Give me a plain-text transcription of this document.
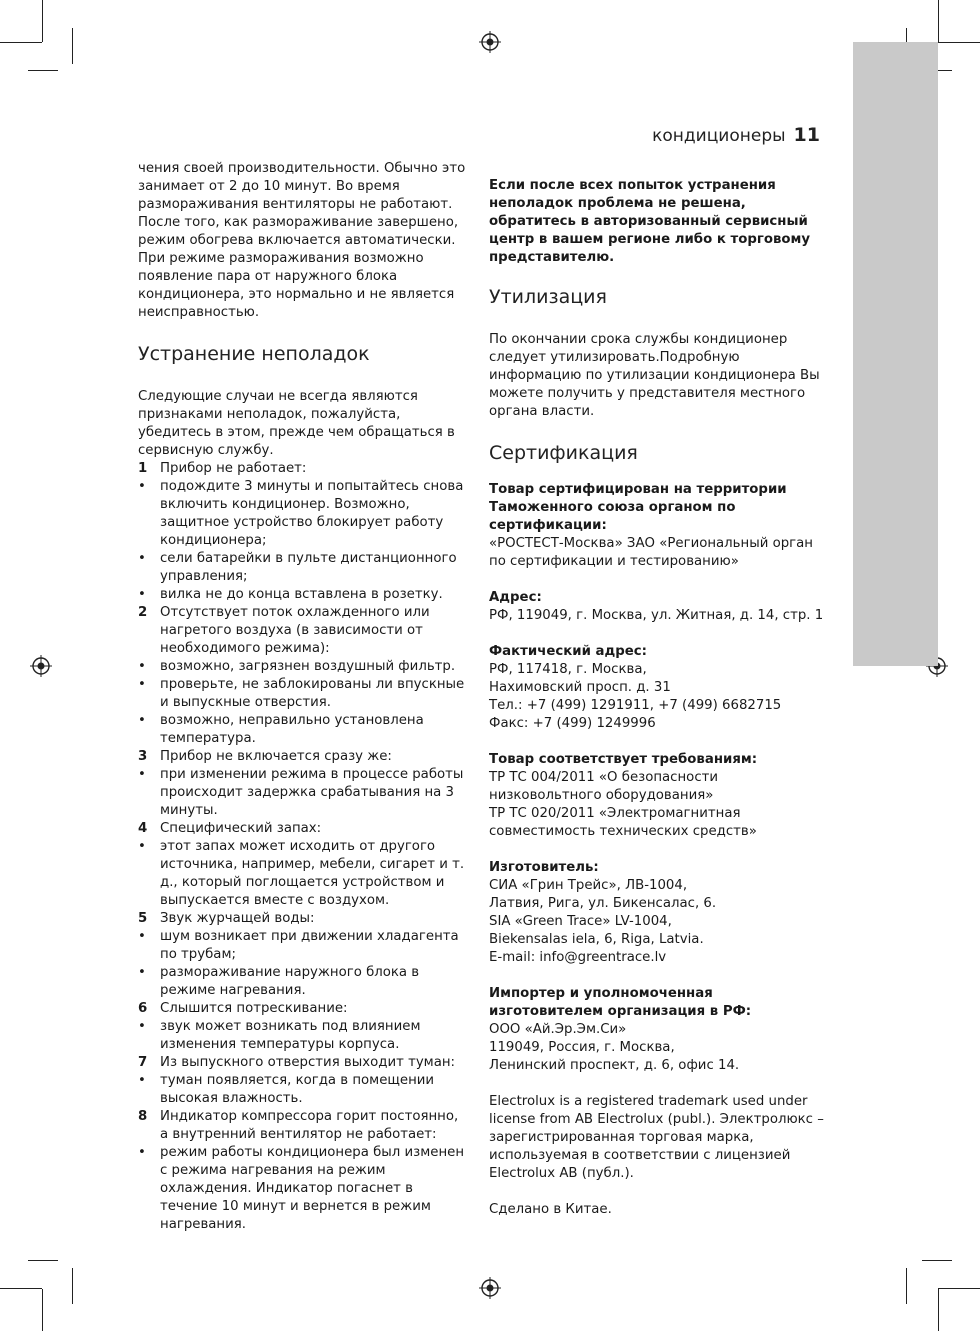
кондиционеры 11

чения своей производительности. Обычно это занимает от 2 до 10 минут. Во время размораживания вентиляторы не работают. После того, как размораживание завершено, режим обогрева включается автоматически. При режиме размораживания возможно появление пара от наружного блока кондиционера, это нормально и не является неисправностью.

Устранение неполадок

Следующие случаи не всегда являются признаками неполадок, пожалуйста, убедитесь в этом, прежде чем обращаться в сервисную службу.

1 Прибор не работает:
• подождите 3 минуты и попытайтесь снова включить кондиционер. Возможно, защитное устройство блокирует работу кондиционера;
• сели батарейки в пульте дистанционного управления;
• вилка не до конца вставлена в розетку.
2 Отсутствует поток охлажденного или нагретого воздуха (в зависимости от необходимого режима):
• возможно, загрязнен воздушный фильтр.
• проверьте, не заблокированы ли впускные и выпускные отверстия.
• возможно, неправильно установлена температура.
3 Прибор не включается сразу же:
• при изменении режима в процессе работы происходит задержка срабатывания на 3 минуты.
4 Специфический запах:
• этот запах может исходить от другого источника, например, мебели, сигарет и т. д., который поглощается устройством и выпускается вместе с воздухом.
5 Звук журчащей воды:
• шум возникает при движении хладагента по трубам;
• размораживание наружного блока в режиме нагревания.
6 Слышится потрескивание:
• звук может возникать под влиянием изменения температуры корпуса.
7 Из выпускного отверстия выходит туман:
• туман появляется, когда в помещении высокая влажность.
8 Индикатор компрессора горит постоянно, а внутренний вентилятор не работает:
• режим работы кондиционера был изменен с режима нагревания на режим охлаждения. Индикатор погаснет в течение 10 минут и вернется в режим нагревания.

Если после всех попыток устранения неполадок проблема не решена, обратитесь в авторизованный сервисный центр в вашем регионе либо к торговому представителю.

Утилизация

По окончании срока службы кондиционер следует утилизировать.Подробную информацию по утилизации кондиционера Вы можете получить у представителя местного органа власти.

Сертификация

Товар сертифицирован на территории Таможенного союза органом по сертификации:

«РОСТЕСТ-Москва» ЗАО «Региональный орган по сертификации и тестированию»

Адрес:

РФ, 119049, г. Москва, ул. Житная, д. 14, стр. 1

Фактический адрес:

РФ, 117418, г. Москва,

Нахимовский просп. д. 31

Тел.: +7 (499) 1291911, +7 (499) 6682715

Факс: +7 (499) 1249996

Товар соответствует требованиям:

ТР ТС 004/2011 «О безопасности низковольтного оборудования»

ТР ТС 020/2011 «Электромагнитная совместимость технических средств»

Изготовитель:

СИА «Грин Трейс», ЛВ-1004,

Латвия, Рига, ул. Бикенсалас, 6.

SIA «Green Trace» LV-1004,

Biekensalas iela, 6, Riga, Latvia.

E-mail: info@greentrace.lv

Импортер и уполномоченная изготовителем организация в РФ:

ООО «Ай.Эр.Эм.Си»

119049, Россия, г. Москва,

Ленинский проспект, д. 6, офис 14.

Electrolux is a registered trademark used under license from AB Electrolux (publ.). Электролюкс – зарегистрированная торговая марка, используемая в соответствии с лицензией Electrolux AB (публ.).

Сделано в Китае.
